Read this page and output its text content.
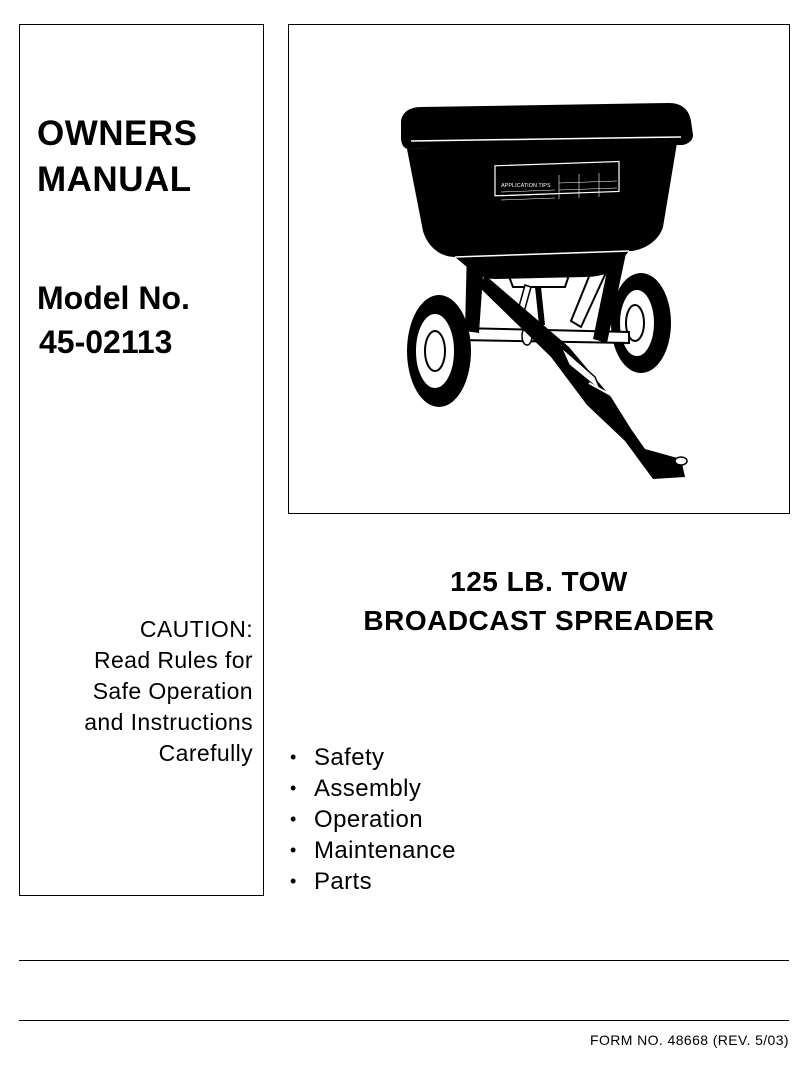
OWNERS
MANUAL
Model No.
45-02113

CAUTION:
Read Rules for
Safe Operation
and Instructions
Carefully

APPLICATION TIPS
125 LB. TOW
BROADCAST SPREADER
• Safety
• Assembly
• Operation
• Maintenance
• Parts

FORM NO. 48668 (REV. 5/03)
